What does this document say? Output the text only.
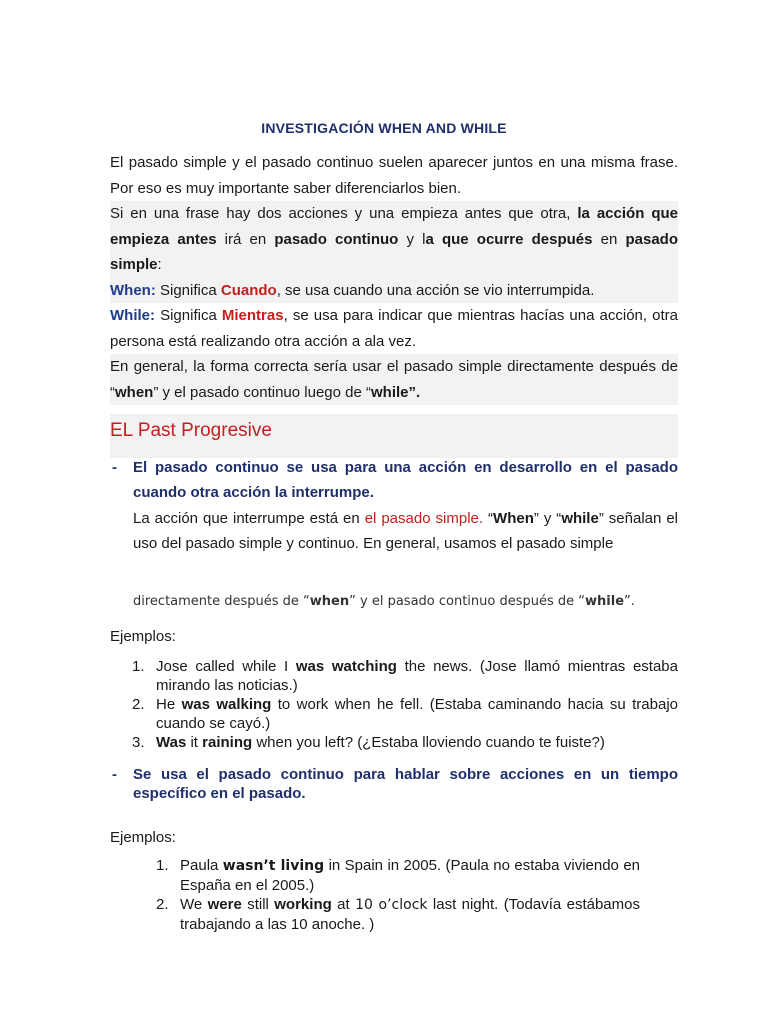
INVESTIGACIÓN WHEN AND WHILE

El pasado simple y el pasado continuo suelen aparecer juntos en una misma frase. Por eso es muy importante saber diferenciarlos bien.

Si en una frase hay dos acciones y una empieza antes que otra, la acción que empieza antes irá en pasado continuo y la que ocurre después en pasado simple:

When: Significa Cuando, se usa cuando una acción se vio interrumpida.

While: Significa Mientras, se usa para indicar que mientras hacías una acción, otra persona está realizando otra acción a ala vez.

En general, la forma correcta sería usar el pasado simple directamente después de “when” y el pasado continuo luego de “while”.

EL Past Progresive
- El pasado continuo se usa para una acción en desarrollo en el pasado cuando otra acción la interrumpe.
La acción que interrumpe está en el pasado simple. “When” y “while” señalan el uso del pasado simple y continuo. En general, usamos el pasado simple
directamente después de “when” y el pasado continuo después de “while”.
Ejemplos:
1. Jose called while I was watching the news. (Jose llamó mientras estaba mirando las noticias.)
2. He was walking to work when he fell. (Estaba caminando hacia su trabajo cuando se cayó.)
3. Was it raining when you left? (¿Estaba lloviendo cuando te fuiste?)
- Se usa el pasado continuo para hablar sobre acciones en un tiempo específico en el pasado.
Ejemplos:
1. Paula wasn’t living in Spain in 2005. (Paula no estaba viviendo en España en el 2005.)
2. We were still working at 10 o’clock last night. (Todavía estábamos trabajando a las 10 anoche. )
